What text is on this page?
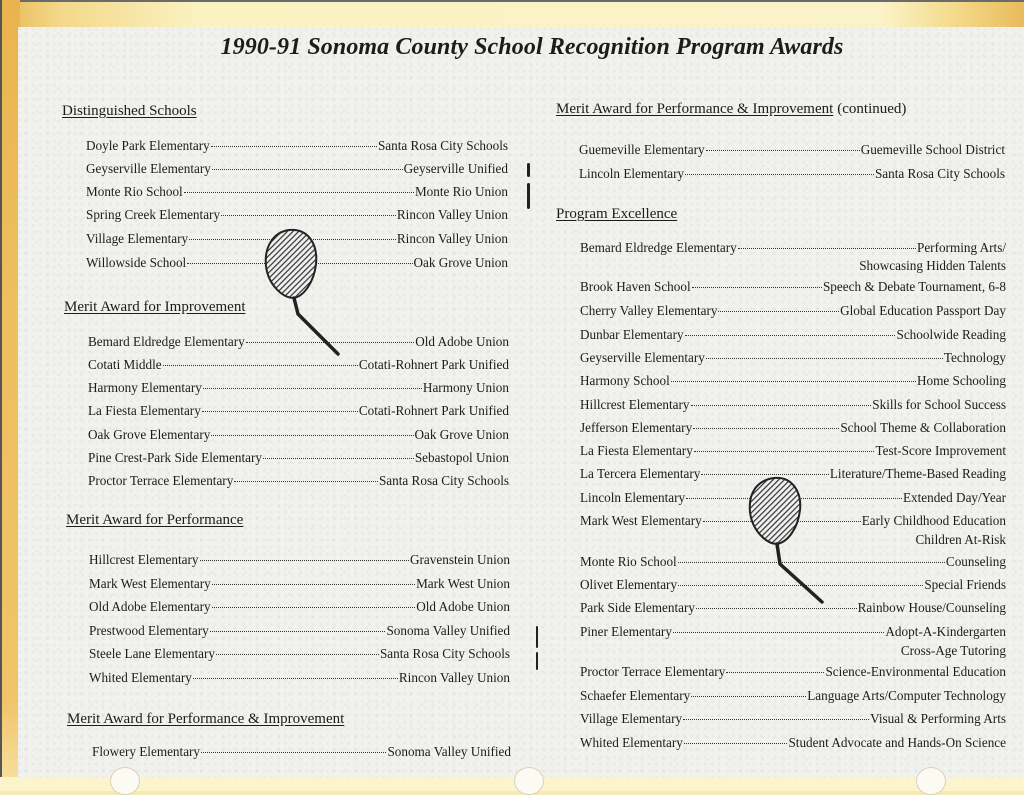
1990-91 Sonoma County School Recognition Program Awards
Distinguished Schools
Doyle Park Elementary	Santa Rosa City Schools
Geyserville Elementary	Geyserville Unified
Monte Rio School	Monte Rio Union
Spring Creek Elementary	Rincon Valley Union
Village Elementary	Rincon Valley Union
Willowside School	Oak Grove Union
Merit Award for Improvement
Bemard Eldredge Elementary	Old Adobe Union
Cotati Middle	Cotati-Rohnert Park Unified
Harmony Elementary	Harmony Union
La Fiesta Elementary	Cotati-Rohnert Park Unified
Oak Grove Elementary	Oak Grove Union
Pine Crest-Park Side Elementary	Sebastopol Union
Proctor Terrace Elementary	Santa Rosa City Schools
Merit Award for Performance
Hillcrest Elementary	Gravenstein Union
Mark West Elementary	Mark West Union
Old Adobe Elementary	Old Adobe Union
Prestwood Elementary	Sonoma Valley Unified
Steele Lane Elementary	Santa Rosa City Schools
Whited Elementary	Rincon Valley Union
Merit Award for Performance & Improvement
Flowery Elementary	Sonoma Valley Unified
Merit Award for Performance & Improvement (continued)
Guemeville Elementary	Guemeville School District
Lincoln Elementary	Santa Rosa City Schools
Program Excellence
Bemard Eldredge Elementary	Performing Arts/
Showcasing Hidden Talents
Brook Haven School	Speech & Debate Tournament, 6-8
Cherry Valley Elementary	Global Education Passport Day
Dunbar Elementary	Schoolwide Reading
Geyserville Elementary	Technology
Harmony School	Home Schooling
Hillcrest Elementary	Skills for School Success
Jefferson Elementary	School Theme & Collaboration
La Fiesta Elementary	Test-Score Improvement
La Tercera Elementary	Literature/Theme-Based Reading
Lincoln Elementary	Extended Day/Year
Mark West Elementary	Early Childhood Education
Children At-Risk
Monte Rio School	Counseling
Olivet Elementary	Special Friends
Park Side Elementary	Rainbow House/Counseling
Piner Elementary	Adopt-A-Kindergarten
Cross-Age Tutoring
Proctor Terrace Elementary	Science-Environmental Education
Schaefer Elementary	Language Arts/Computer Technology
Village Elementary	Visual & Performing Arts
Whited Elementary	Student Advocate and Hands-On Science
